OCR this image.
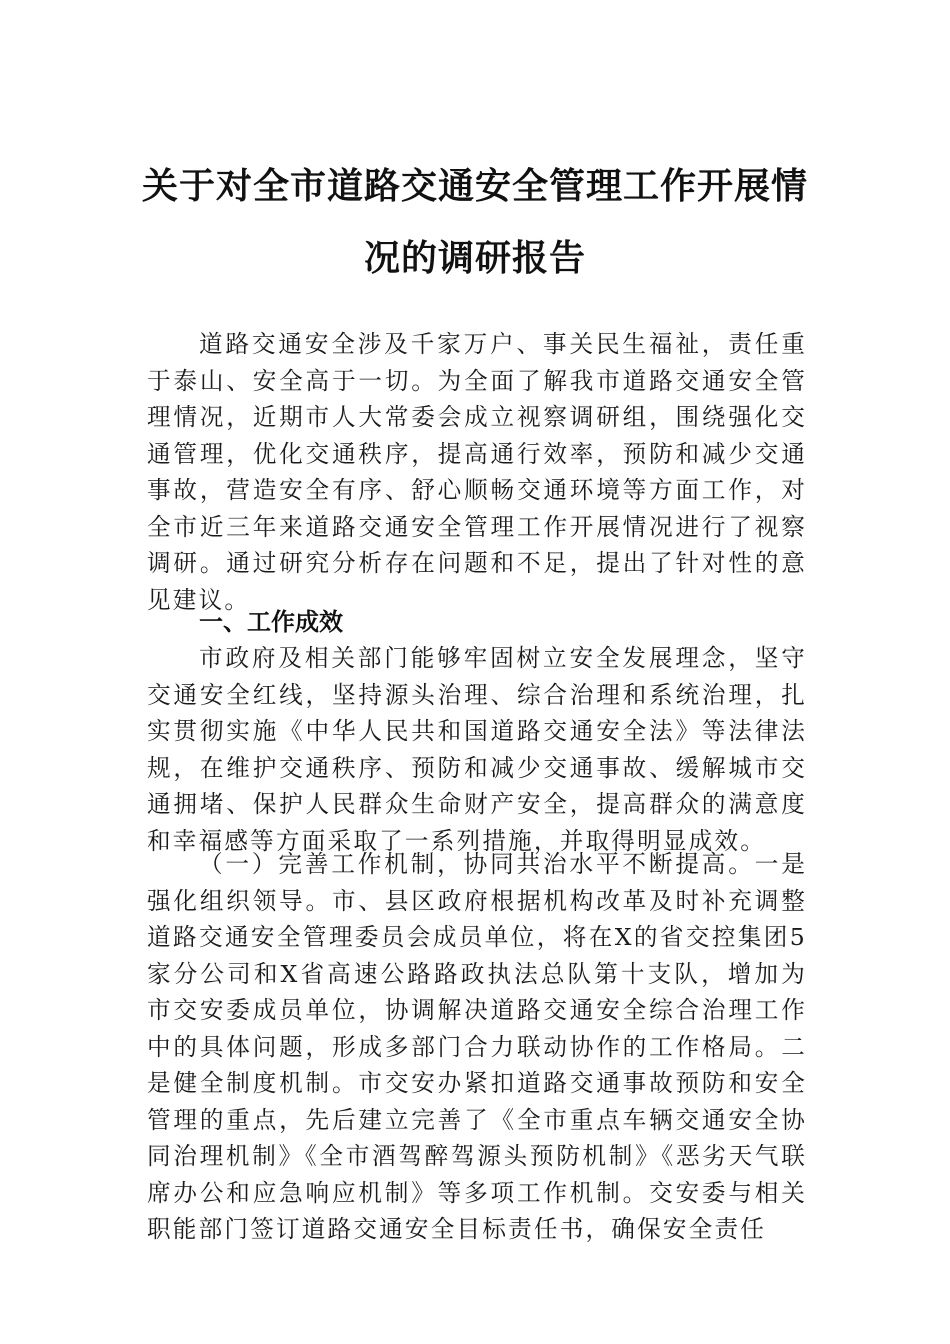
关于对全市道路交通安全管理工作开展情
况的调研报告

道路交通安全涉及千家万户、事关民生福祉，责任重于泰山、安全高于一切。为全面了解我市道路交通安全管理情况，近期市人大常委会成立视察调研组，围绕强化交通管理，优化交通秩序，提高通行效率，预防和减少交通事故，营造安全有序、舒心顺畅交通环境等方面工作，对全市近三年来道路交通安全管理工作开展情况进行了视察调研。通过研究分析存在问题和不足，提出了针对性的意见建议。

一、工作成效

市政府及相关部门能够牢固树立安全发展理念，坚守交通安全红线，坚持源头治理、综合治理和系统治理，扎实贯彻实施《中华人民共和国道路交通安全法》等法律法规，在维护交通秩序、预防和减少交通事故、缓解城市交通拥堵、保护人民群众生命财产安全，提高群众的满意度和幸福感等方面采取了一系列措施，并取得明显成效。

（一）完善工作机制，协同共治水平不断提高。一是强化组织领导。市、县区政府根据机构改革及时补充调整道路交通安全管理委员会成员单位，将在X的省交控集团5家分公司和X省高速公路路政执法总队第十支队，增加为市交安委成员单位，协调解决道路交通安全综合治理工作中的具体问题，形成多部门合力联动协作的工作格局。二是健全制度机制。市交安办紧扣道路交通事故预防和安全管理的重点，先后建立完善了《全市重点车辆交通安全协同治理机制》《全市酒驾醉驾源头预防机制》《恶劣天气联席办公和应急响应机制》等多项工作机制。交安委与相关职能部门签订道路交通安全目标责任书，确保安全责任
